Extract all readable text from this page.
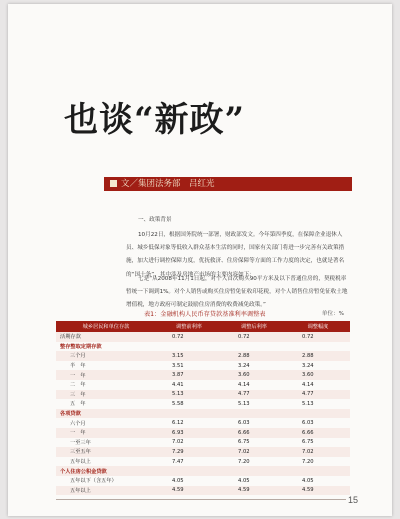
也谈“新政”
文／集团法务部　吕红光
一、政策背景
10月22日，根据国务院统一部署，财政部发文。今年第四季度，在保障企业退休人员、城乡低保对象等低收入群众基本生活的同时，国家有关部门将进一步完善有关政策措施，加大进行调控保障力度，优抚救济、住房保障等方面的工作力度的决定，也就是著名的“国十条”，其中涉及房地产市场的主要内容如下：
七是“从2008年11月1日起，对个人首次购买90平方米及以下普通住房的，契税税率暂统一下调到1%。对个人销售或购买住房暂免征收印花税，对个人销售住房暂免征收土地增值税，地方政府可制定鼓励住房消费的收费减免政策。”
表1：金融机构人民币存贷款基准利率调整表	单位：%
城乡居民和单位存款	调整前利率	调整后利率	调整幅度
活期存款	0.72	0.72	0.72
整存整取定期存款			
三个月	3.15	2.88	2.88
半　年	3.51	3.24	3.24
一　年	3.87	3.60	3.60
二　年	4.41	4.14	4.14
三　年	5.13	4.77	4.77
五　年	5.58	5.13	5.13
各项贷款			
六个月	6.12	6.03	6.03
一　年	6.93	6.66	6.66
一至三年	7.02	6.75	6.75
三至五年	7.29	7.02	7.02
五年以上	7.47	7.20	7.20
个人住房公积金贷款			
五年以下（含五年）	4.05	4.05	4.05
五年以上	4.59	4.59	4.59
15
